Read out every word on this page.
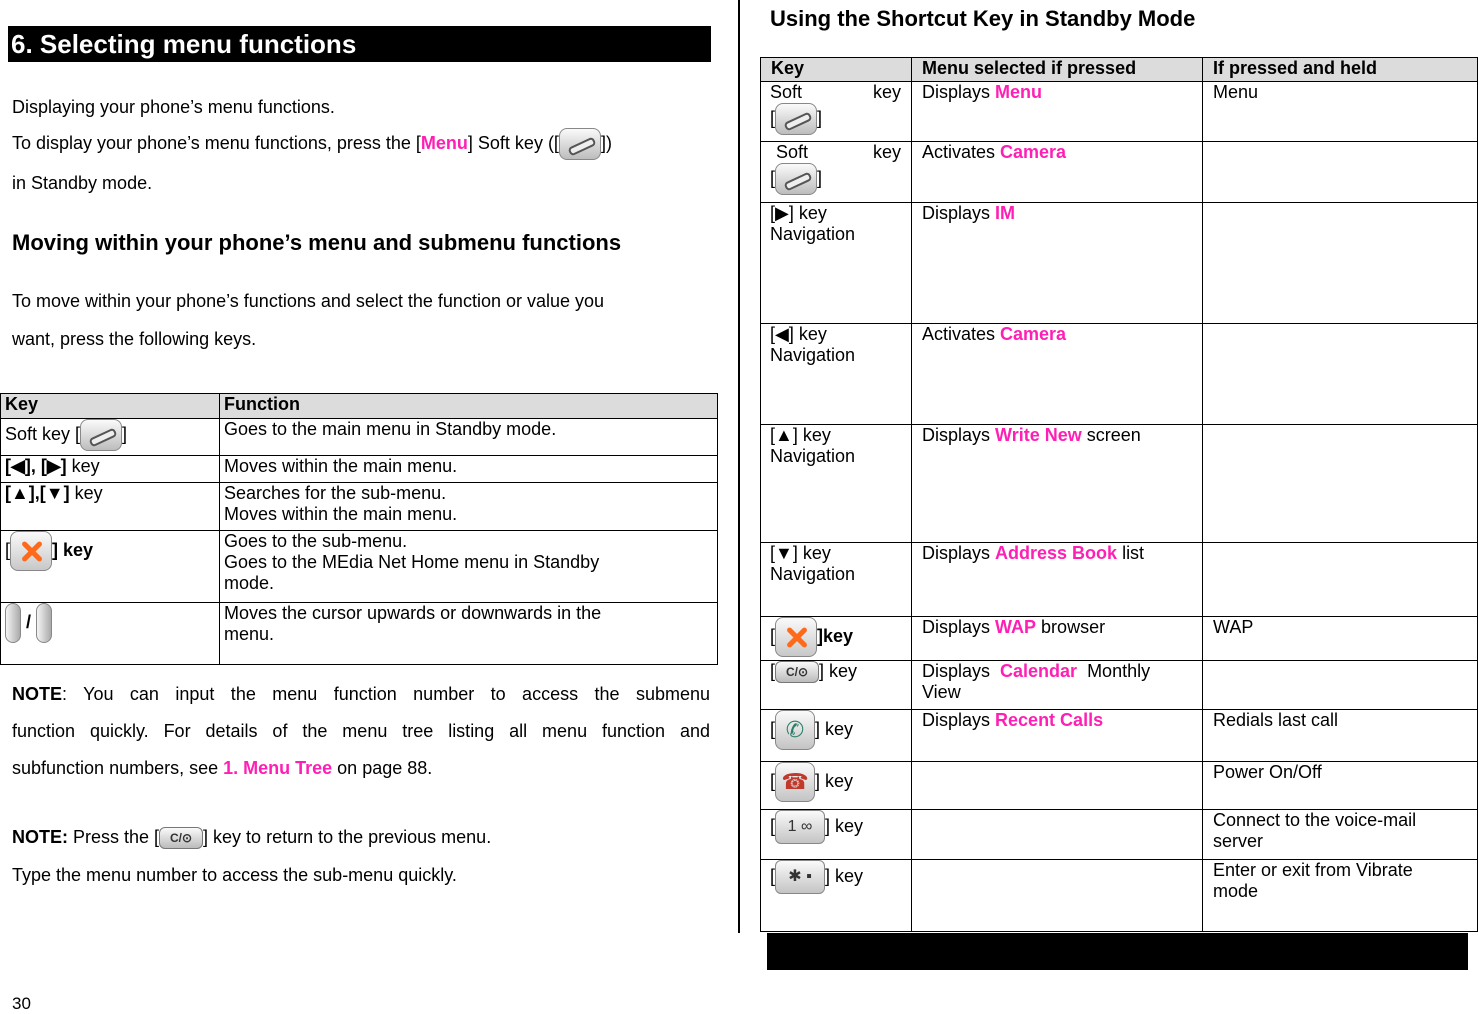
6. Selecting menu functions
Displaying your phone’s menu functions.
To display your phone’s menu functions, press the [Menu] Soft key ([ ])
in Standby mode.
Moving within your phone’s menu and submenu functions
To move within your phone’s functions and select the function or value you
want, press the following keys.
Key	Function
Soft key [ ]	Goes to the main menu in Standby mode.
[◀], [▶] key	Moves within the main menu.
[▲],[▼] key	Searches for the sub-menu.
Moves within the main menu.

[ ] key	Goes to the sub-menu.
Goes to the MEdia Net Home menu in Standby
mode.

/	Moves the cursor upwards or downwards in the
menu.
NOTE: You can input the menu function number to access the submenu
function quickly. For details of the menu tree listing all menu function and
subfunction numbers, see 1. Menu Tree on page 88.
NOTE: Press the [ C/⊙ ] key to return to the previous menu.
Type the menu number to access the sub-menu quickly.
30
Using the Shortcut Key in Standby Mode
Key	Menu selected if pressed	If pressed and held

Soft key
[ ]	Displays Menu	Menu

Soft key
[ ]	Activates Camera	

[▶] key
Navigation	Displays IM	

[◀] key
Navigation	Activates Camera	

[▲] key
Navigation	Displays Write New screen	

[▼] key
Navigation	Displays Address Book list	
[ ]key	Displays WAP browser	WAP
[ C/⊙ ] key	Displays  Calendar  Monthly
View	

[ ✆ ] key	Displays Recent Calls	Redials last call
[ ☎ ] key		Power On/Off
[ 1 ∞ ] key		Connect to the voice-mail
server

[ ✱ ▪ ] key		Enter or exit from Vibrate
mode
